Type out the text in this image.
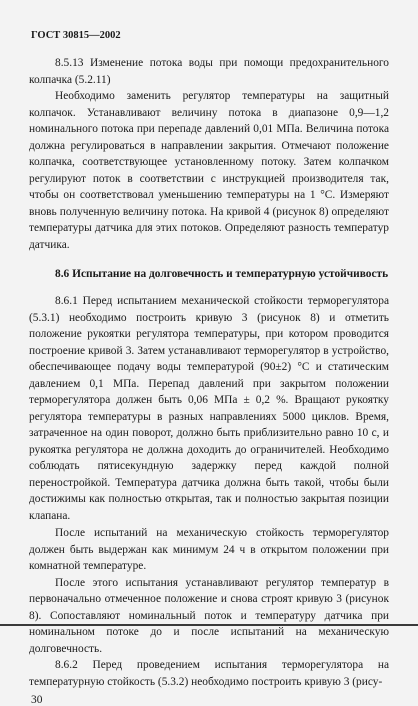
ГОСТ 30815—2002

8.5.13 Изменение потока воды при помощи предохранительного колпачка (5.2.11)

Необходимо заменить регулятор температуры на защитный колпачок. Устанавливают величину потока в диапазоне 0,9—1,2 номинального потока при перепаде давлений 0,01 МПа. Величина потока должна регулироваться в направлении закрытия. Отмечают положение колпачка, соответствующее установленному потоку. Затем колпачком регулируют поток в соответствии с инструкцией производителя так, чтобы он соответствовал уменьшению температуры на 1 °С. Измеряют вновь полученную величину потока. На кривой 4 (рисунок 8) определяют температуры датчика для этих потоков. Определяют разность температур датчика.

8.6 Испытание на долговечность и температурную устойчивость

8.6.1 Перед испытанием механической стойкости терморегулятора (5.3.1) необходимо построить кривую 3 (рисунок 8) и отметить положение рукоятки регулятора температуры, при котором проводится построение кривой 3. Затем устанавливают терморегулятор в устройство, обеспечивающее подачу воды температурой (90±2) °С и статическим давлением 0,1 МПа. Перепад давлений при закрытом положении терморегулятора должен быть 0,06 МПа ± 0,2 %. Вращают рукоятку регулятора температуры в разных направлениях 5000 циклов. Время, затраченное на один поворот, должно быть приблизительно равно 10 с, и рукоятка регулятора не должна доходить до ограничителей. Необходимо соблюдать пятисекундную задержку перед каждой полной переностройкой. Температура датчика должна быть такой, чтобы были достижимы как полностью открытая, так и полностью закрытая позиции клапана.

После испытаний на механическую стойкость терморегулятор должен быть выдержан как минимум 24 ч в открытом положении при комнатной температуре.

После этого испытания устанавливают регулятор температур в первоначально отмеченное положение и снова строят кривую 3 (рисунок 8). Сопоставляют номинальный поток и температуру датчика при номинальном потоке до и после испытаний на механическую долговечность.

8.6.2 Перед проведением испытания терморегулятора на температурную стойкость (5.3.2) необходимо построить кривую 3 (рису-

30
